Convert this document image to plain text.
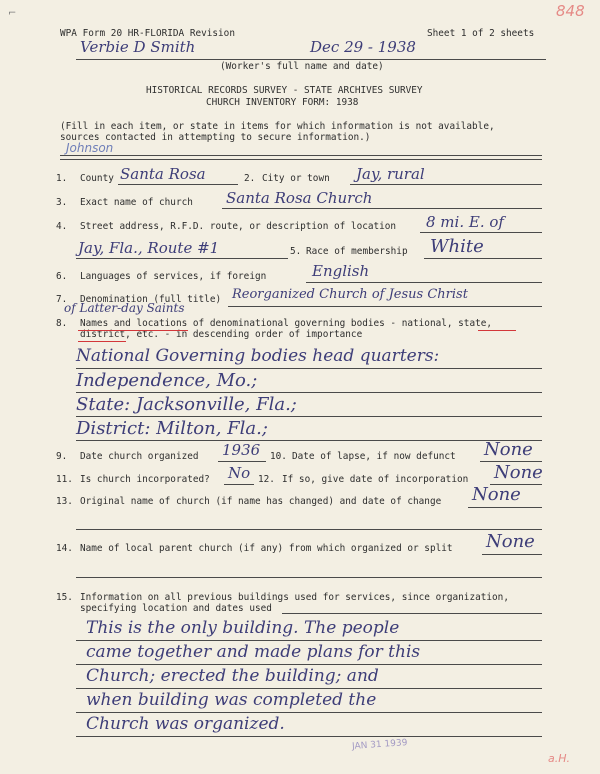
⌐	848
WPA Form 20 HR-FLORIDA Revision	Sheet 1 of 2 sheets
Verbie D Smith	Dec 29 - 1938
(Worker's full name and date)
HISTORICAL RECORDS SURVEY - STATE ARCHIVES SURVEY
CHURCH INVENTORY FORM: 1938
(Fill in each item, or state in items for which information is not available,
sources contacted in attempting to secure information.)
Johnson
1. County Santa Rosa	2. City or town Jay, rural
3. Exact name of church Santa Rosa Church
4. Street address, R.F.D. route, or description of location 8 mi. E. of
Jay, Fla., Route #1	5. Race of membership White
6. Languages of services, if foreign	English
7. Denomination (full title) Reorganized Church of Jesus Christ
of Latter-day Saints
8. Names and locations of denominational governing bodies - national, state,
district, etc. - in descending order of importance
National Governing bodies head quarters:
Independence, Mo.;
State: Jacksonville, Fla.;
District: Milton, Fla.;
9. Date church organized 1936 10. Date of lapse, if now defunct None
11. Is church incorporated? No 12. If so, give date of incorporation None
13. Original name of church (if name has changed) and date of change None
14. Name of local parent church (if any) from which organized or split None
15. Information on all previous buildings used for services, since organization,
specifying location and dates used
This is the only building. The people
came together and made plans for this
Church; erected the building; and
when building was completed the
Church was organized.
JAN 31 1939
a.H.
